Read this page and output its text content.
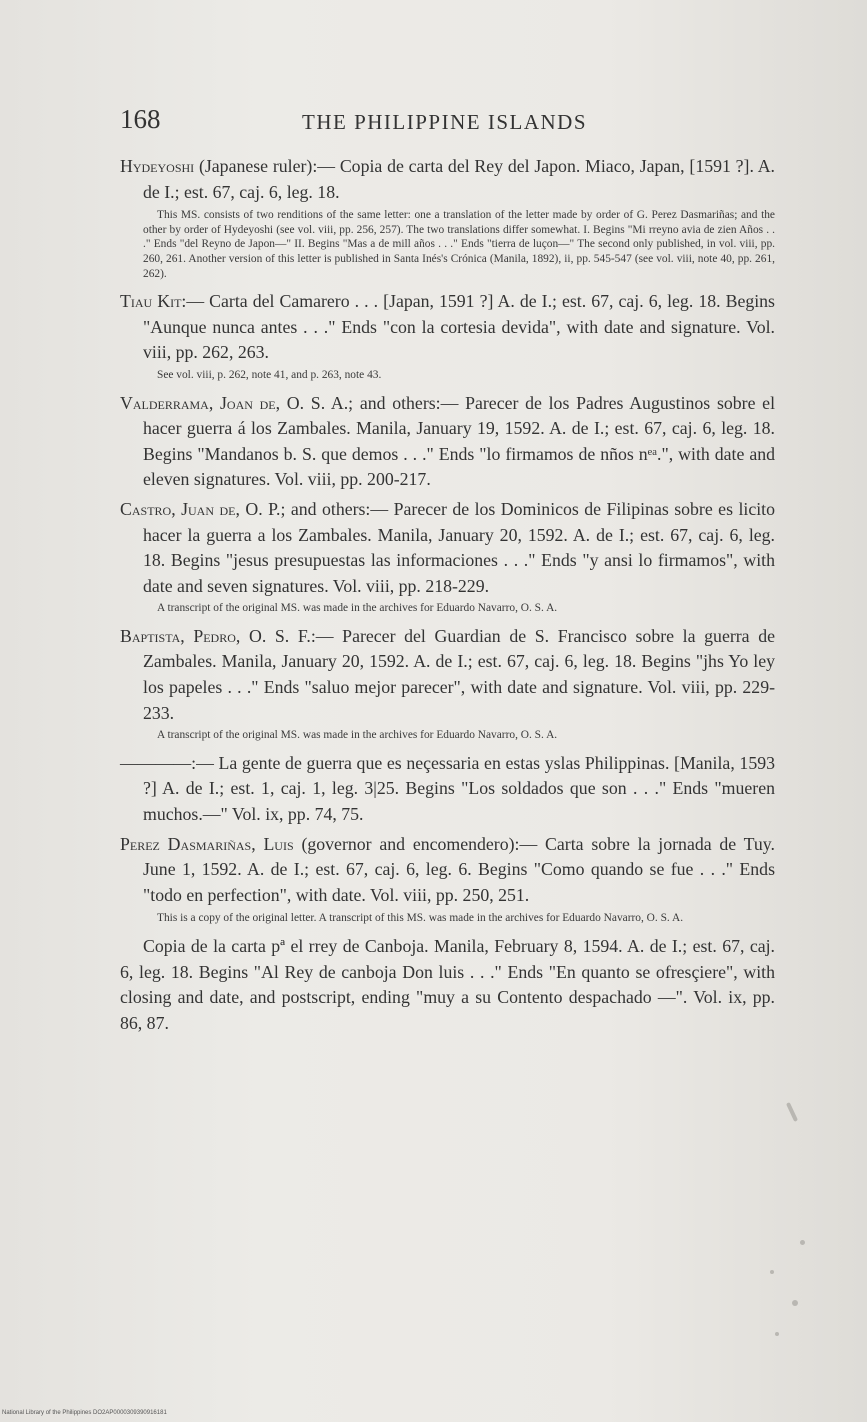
168	THE PHILIPPINE ISLANDS

Hydeyoshi (Japanese ruler):— Copia de carta del Rey del Japon. Miaco, Japan, [1591 ?]. A. de I.; est. 67, caj. 6, leg. 18.

This MS. consists of two renditions of the same letter: one a translation of the letter made by order of G. Perez Dasmariñas; and the other by order of Hydeyoshi (see vol. viii, pp. 256, 257). The two translations differ somewhat. I. Begins "Mi rreyno avia de zien Años . . ." Ends "del Reyno de Japon—" II. Begins "Mas a de mill años . . ." Ends "tierra de luçon—" The second only published, in vol. viii, pp. 260, 261. Another version of this letter is published in Santa Inés's Crónica (Manila, 1892), ii, pp. 545-547 (see vol. viii, note 40, pp. 261, 262).

Tiau Kit:— Carta del Camarero . . . [Japan, 1591 ?] A. de I.; est. 67, caj. 6, leg. 18. Begins "Aunque nunca antes . . ." Ends "con la cortesia devida", with date and signature. Vol. viii, pp. 262, 263.

See vol. viii, p. 262, note 41, and p. 263, note 43.

Valderrama, Joan de, O. S. A.; and others:— Parecer de los Padres Augustinos sobre el hacer guerra á los Zambales. Manila, January 19, 1592. A. de I.; est. 67, caj. 6, leg. 18. Begins "Mandanos b. S. que demos . . ." Ends "lo firmamos de nños nᵉᵃ.", with date and eleven signatures. Vol. viii, pp. 200-217.

Castro, Juan de, O. P.; and others:— Parecer de los Dominicos de Filipinas sobre es licito hacer la guerra a los Zambales. Manila, January 20, 1592. A. de I.; est. 67, caj. 6, leg. 18. Begins "jesus presupuestas las informaciones . . ." Ends "y ansi lo firmamos", with date and seven signatures. Vol. viii, pp. 218-229.

A transcript of the original MS. was made in the archives for Eduardo Navarro, O. S. A.

Baptista, Pedro, O. S. F.:— Parecer del Guardian de S. Francisco sobre la guerra de Zambales. Manila, January 20, 1592. A. de I.; est. 67, caj. 6, leg. 18. Begins "jhs Yo ley los papeles . . ." Ends "saluo mejor parecer", with date and signature. Vol. viii, pp. 229-233.

A transcript of the original MS. was made in the archives for Eduardo Navarro, O. S. A.

————:— La gente de guerra que es neçessaria en estas yslas Philippinas. [Manila, 1593 ?] A. de I.; est. 1, caj. 1, leg. 3|25. Begins "Los soldados que son . . ." Ends "mueren muchos.—" Vol. ix, pp. 74, 75.

Perez Dasmariñas, Luis (governor and encomendero):— Carta sobre la jornada de Tuy. June 1, 1592. A. de I.; est. 67, caj. 6, leg. 6. Begins "Como quando se fue . . ." Ends "todo en perfection", with date. Vol. viii, pp. 250, 251.

This is a copy of the original letter. A transcript of this MS. was made in the archives for Eduardo Navarro, O. S. A.

Copia de la carta pª el rrey de Canboja. Manila, February 8, 1594. A. de I.; est. 67, caj. 6, leg. 18. Begins "Al Rey de canboja Don luis . . ." Ends "En quanto se ofresçiere", with closing and date, and postscript, ending "muy a su Contento despachado —". Vol. ix, pp. 86, 87.

National Library of the Philippines DO2AP0000309390916181
